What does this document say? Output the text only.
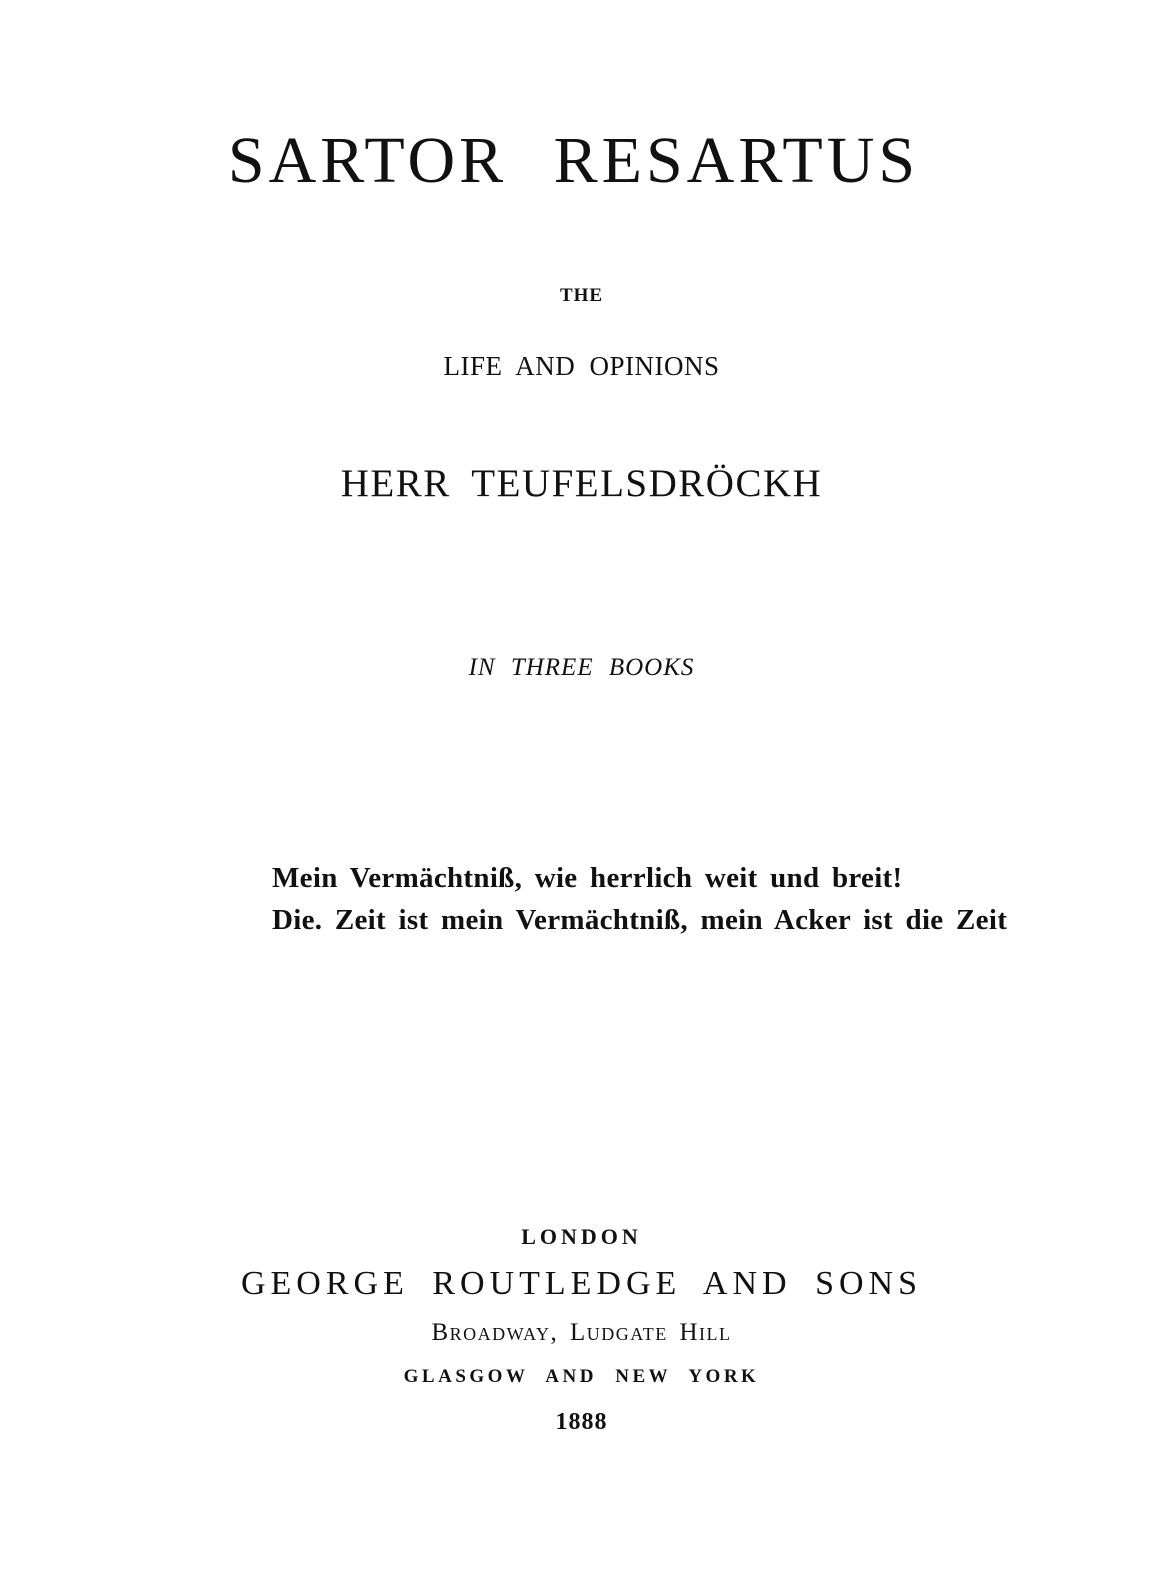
SARTOR RESARTUS
THE
LIFE AND OPINIONS
HERR TEUFELSDRÖCKH
IN THREE BOOKS
Mein Vermächtniß, wie herrlich weit und breit!
Die. Zeit ist mein Vermächtniß, mein Acker ist die Zeit
LONDON
GEORGE ROUTLEDGE AND SONS
Broadway, Ludgate Hill
GLASGOW AND NEW YORK
1888
